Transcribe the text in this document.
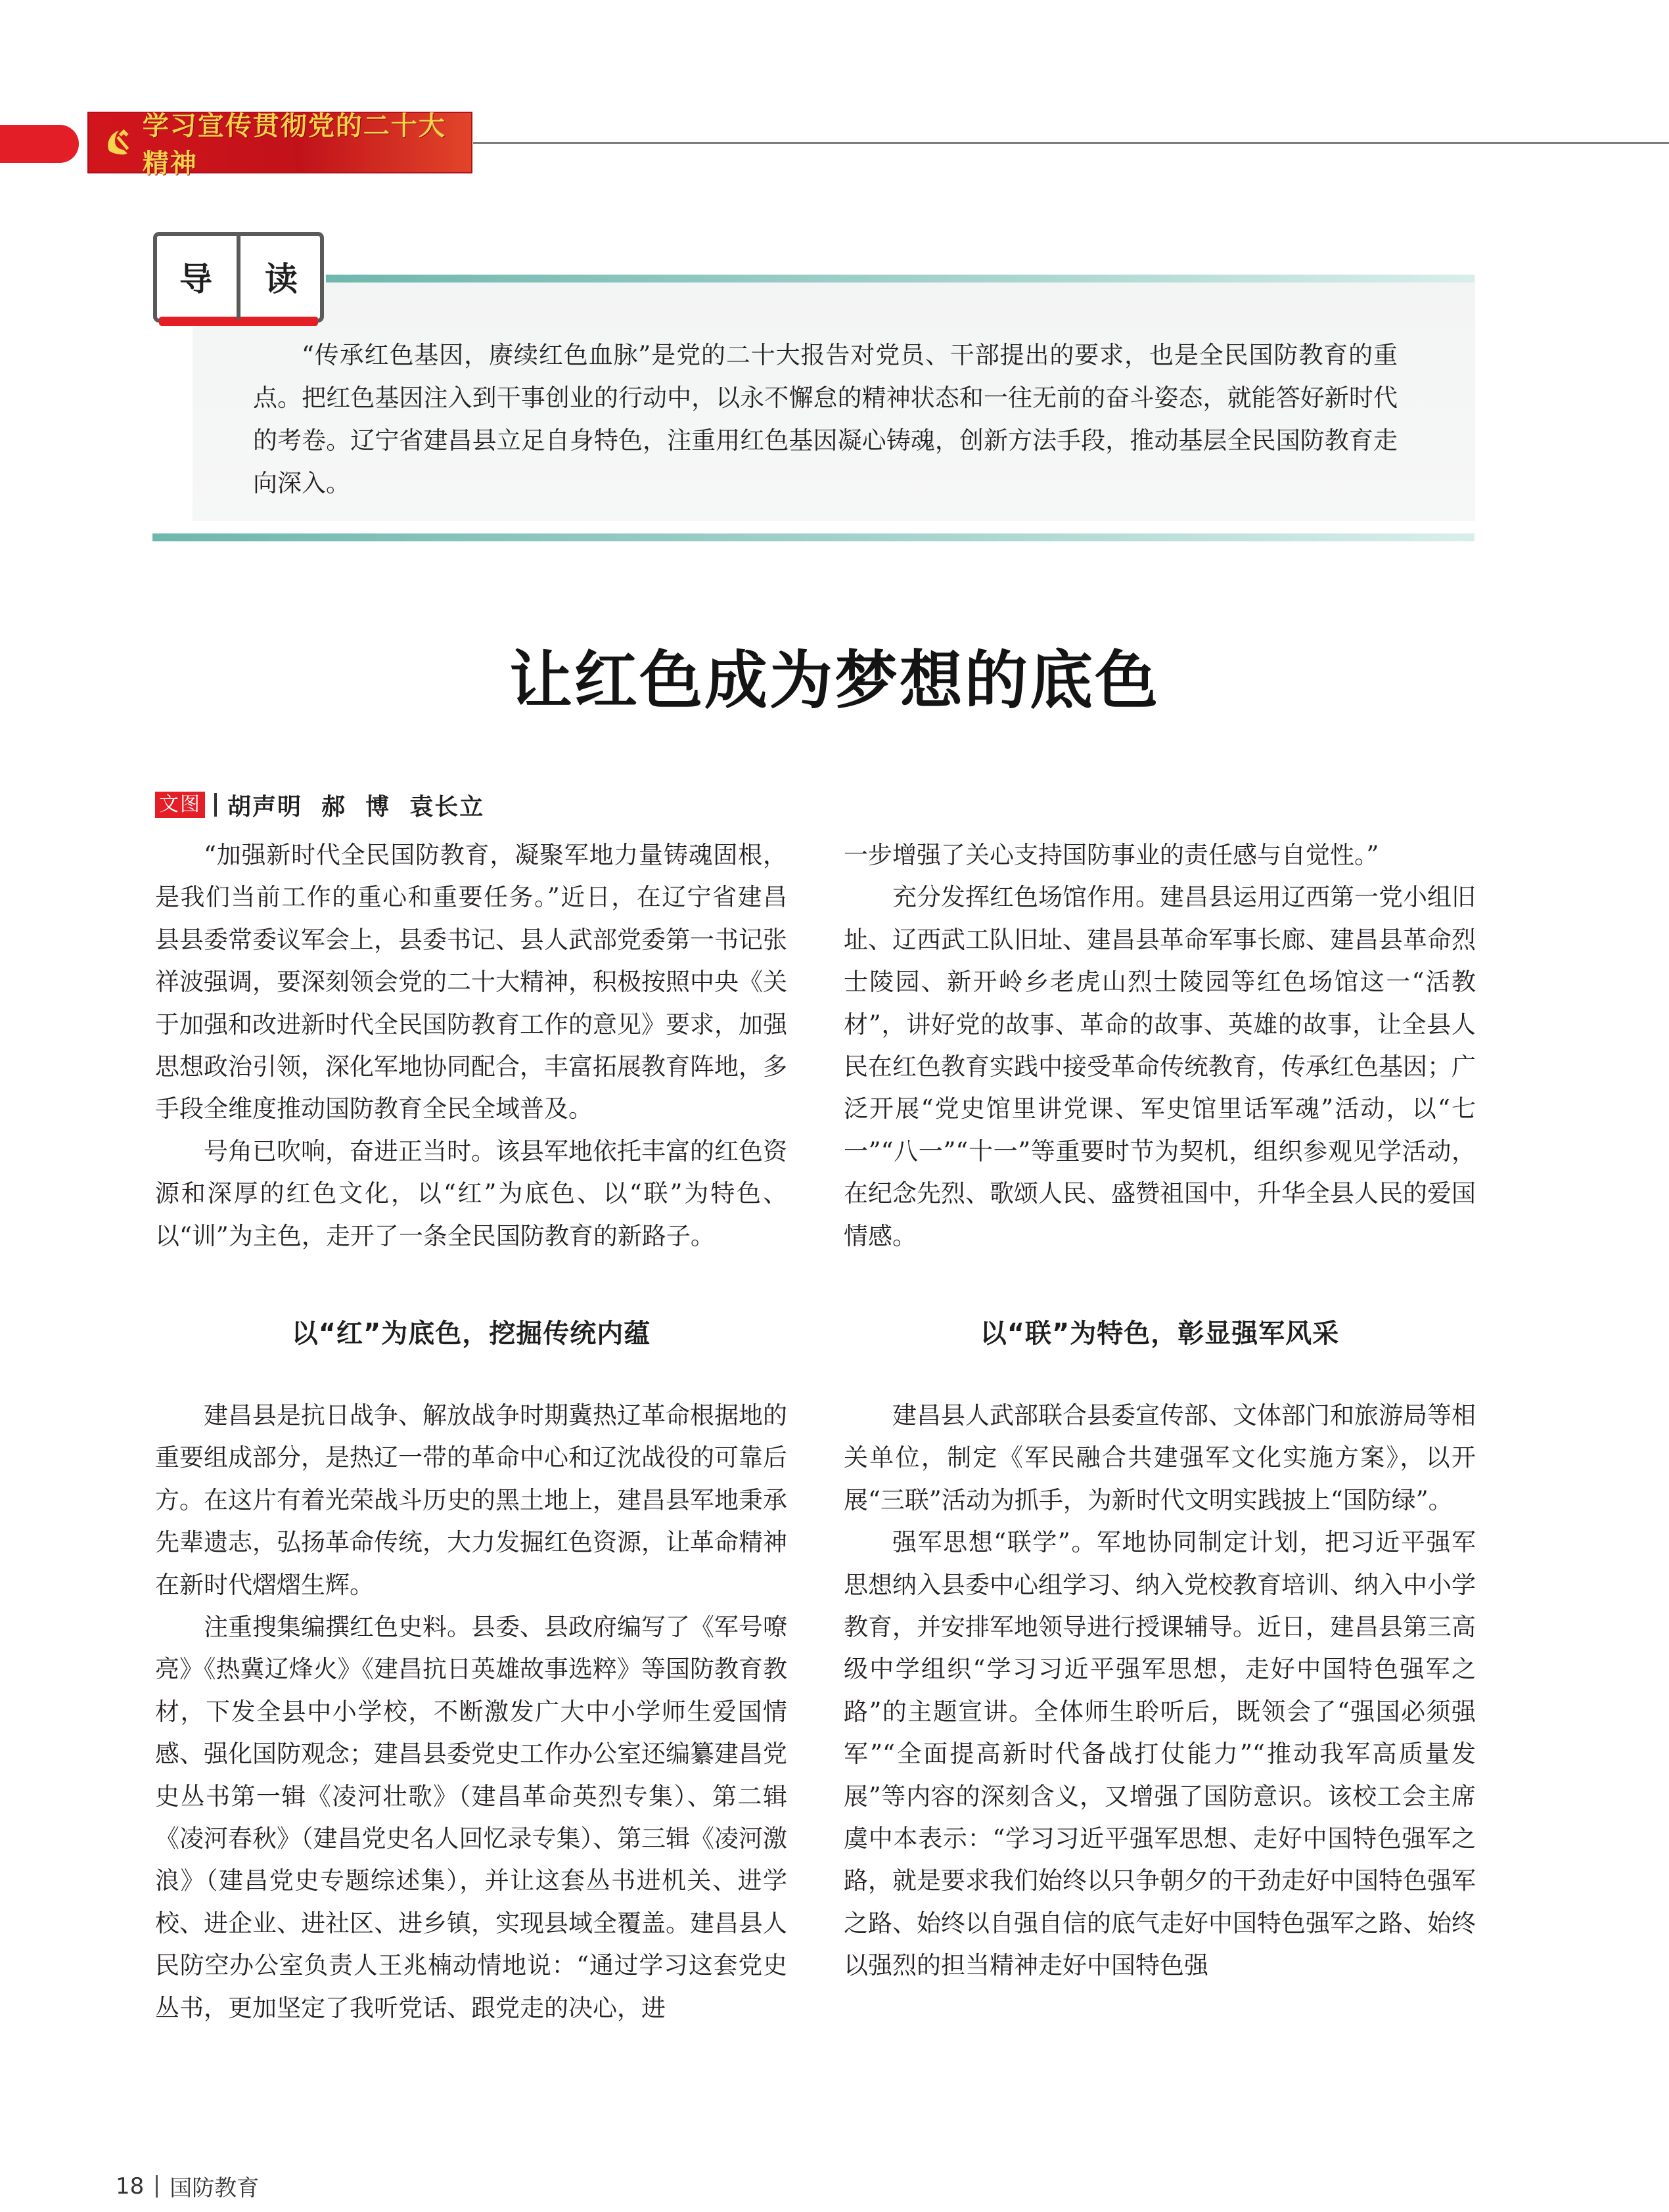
学习宣传贯彻党的二十大精神
导 读

“传承红色基因，赓续红色血脉”是党的二十大报告对党员、干部提出的要求，也是全民国防教育的重点。把红色基因注入到干事创业的行动中，以永不懈怠的精神状态和一往无前的奋斗姿态，就能答好新时代的考卷。辽宁省建昌县立足自身特色，注重用红色基因凝心铸魂，创新方法手段，推动基层全民国防教育走向深入。

让红色成为梦想的底色
文图 胡声明  郝  博  袁长立

“加强新时代全民国防教育，凝聚军地力量铸魂固根，是我们当前工作的重心和重要任务。”近日，在辽宁省建昌县县委常委议军会上，县委书记、县人武部党委第一书记张祥波强调，要深刻领会党的二十大精神，积极按照中央《关于加强和改进新时代全民国防教育工作的意见》要求，加强思想政治引领，深化军地协同配合，丰富拓展教育阵地，多手段全维度推动国防教育全民全域普及。

号角已吹响，奋进正当时。该县军地依托丰富的红色资源和深厚的红色文化，以“红”为底色、以“联”为特色、以“训”为主色，走开了一条全民国防教育的新路子。

一步增强了关心支持国防事业的责任感与自觉性。”

充分发挥红色场馆作用。建昌县运用辽西第一党小组旧址、辽西武工队旧址、建昌县革命军事长廊、建昌县革命烈士陵园、新开岭乡老虎山烈士陵园等红色场馆这一“活教材”，讲好党的故事、革命的故事、英雄的故事，让全县人民在红色教育实践中接受革命传统教育，传承红色基因；广泛开展“党史馆里讲党课、军史馆里话军魂”活动，以“七一”“八一”“十一”等重要时节为契机，组织参观见学活动，在纪念先烈、歌颂人民、盛赞祖国中，升华全县人民的爱国情感。

以“红”为底色，挖掘传统内蕴	以“联”为特色，彰显强军风采

建昌县是抗日战争、解放战争时期冀热辽革命根据地的重要组成部分，是热辽一带的革命中心和辽沈战役的可靠后方。在这片有着光荣战斗历史的黑土地上，建昌县军地秉承先辈遗志，弘扬革命传统，大力发掘红色资源，让革命精神在新时代熠熠生辉。

注重搜集编撰红色史料。县委、县政府编写了《军号嘹亮》《热冀辽烽火》《建昌抗日英雄故事选粹》等国防教育教材，下发全县中小学校，不断激发广大中小学师生爱国情感、强化国防观念；建昌县委党史工作办公室还编纂建昌党史丛书第一辑《凌河壮歌》（建昌革命英烈专集）、第二辑《凌河春秋》（建昌党史名人回忆录专集）、第三辑《凌河激浪》（建昌党史专题综述集），并让这套丛书进机关、进学校、进企业、进社区、进乡镇，实现县域全覆盖。建昌县人民防空办公室负责人王兆楠动情地说：“通过学习这套党史丛书，更加坚定了我听党话、跟党走的决心，进

建昌县人武部联合县委宣传部、文体部门和旅游局等相关单位，制定《军民融合共建强军文化实施方案》，以开展“三联”活动为抓手，为新时代文明实践披上“国防绿”。

强军思想“联学”。军地协同制定计划，把习近平强军思想纳入县委中心组学习、纳入党校教育培训、纳入中小学教育，并安排军地领导进行授课辅导。近日，建昌县第三高级中学组织“学习习近平强军思想，走好中国特色强军之路”的主题宣讲。全体师生聆听后，既领会了“强国必须强军”“全面提高新时代备战打仗能力”“推动我军高质量发展”等内容的深刻含义，又增强了国防意识。该校工会主席虞中本表示：“学习习近平强军思想、走好中国特色强军之路，就是要求我们始终以只争朝夕的干劲走好中国特色强军之路、始终以自强自信的底气走好中国特色强军之路、始终以强烈的担当精神走好中国特色强

18 国防教育
